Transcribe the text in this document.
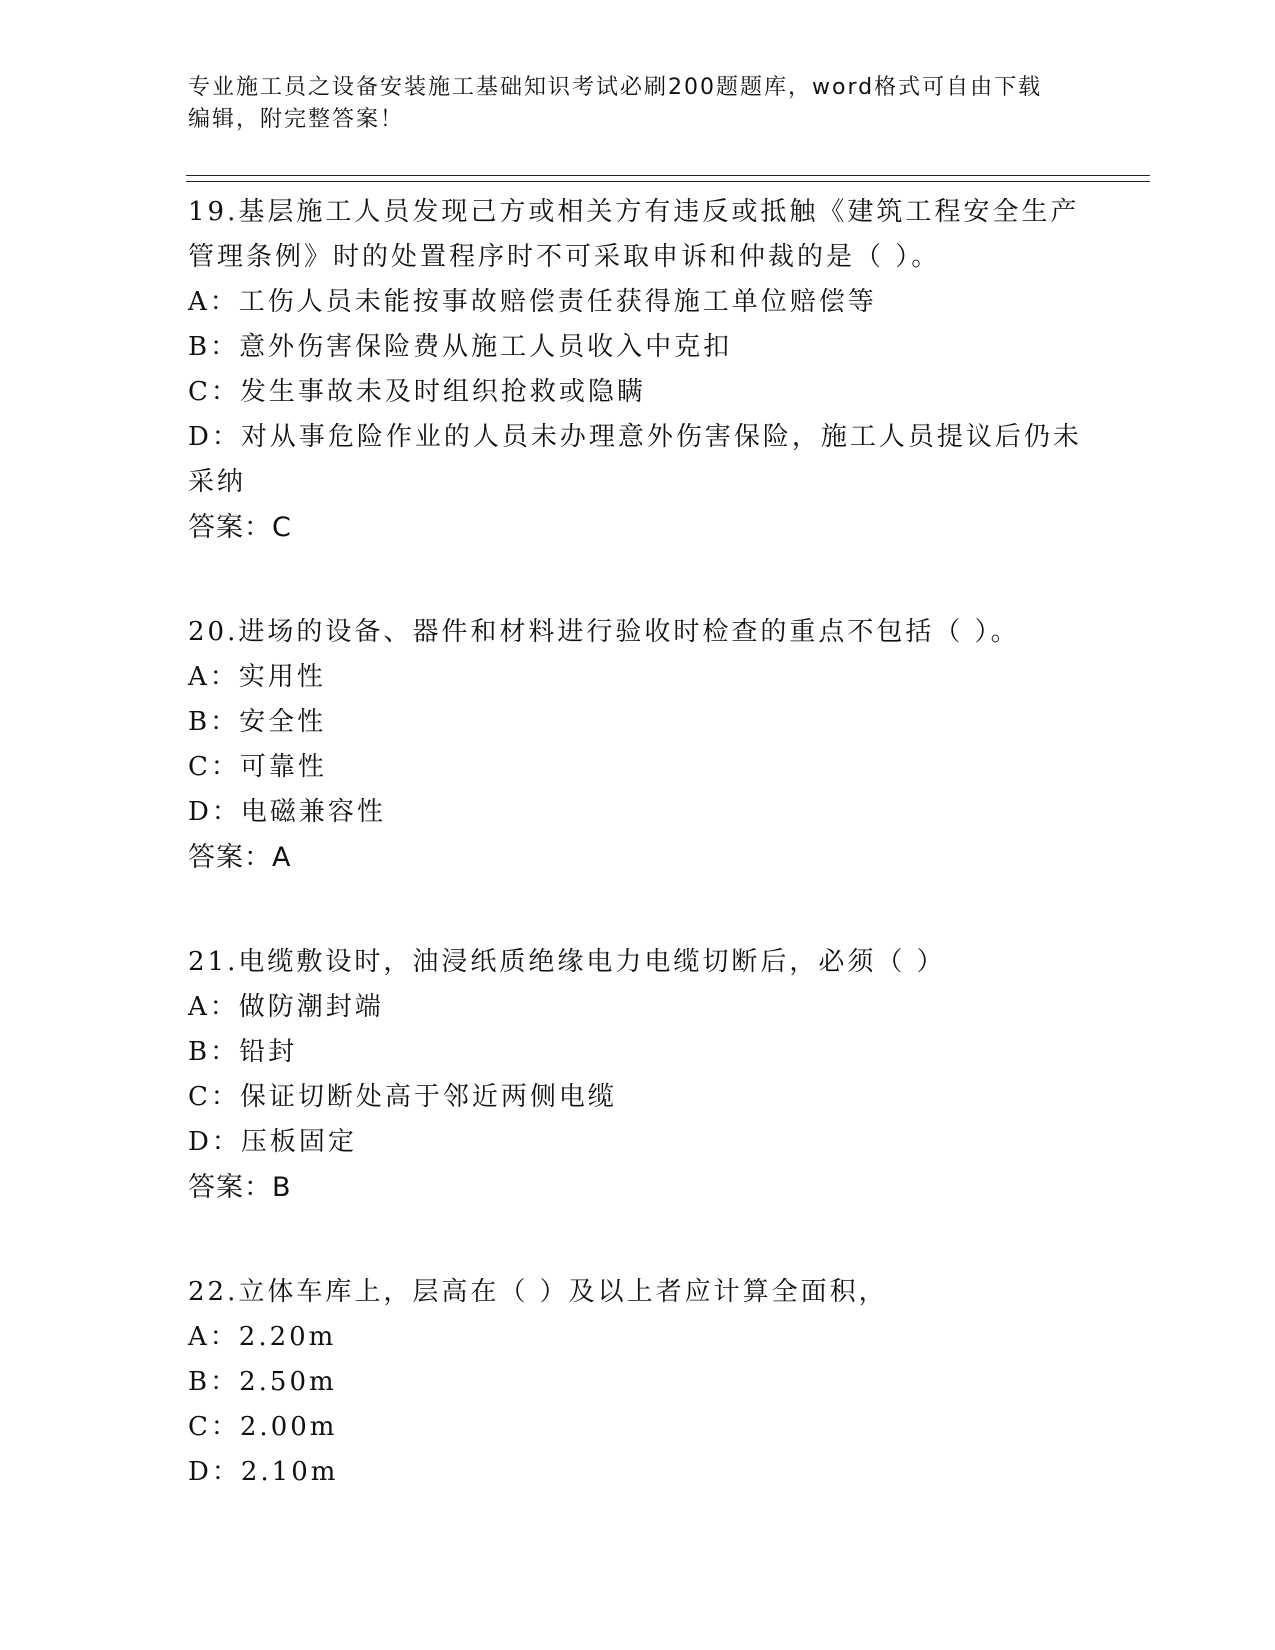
专业施工员之设备安装施工基础知识考试必刷200题题库，word格式可自由下载
编辑，附完整答案！

19.基层施工人员发现己方或相关方有违反或抵触《建筑工程安全生产

管理条例》时的处置程序时不可采取申诉和仲裁的是（ ）。

A：工伤人员未能按事故赔偿责任获得施工单位赔偿等

B：意外伤害保险费从施工人员收入中克扣

C：发生事故未及时组织抢救或隐瞒

D：对从事危险作业的人员未办理意外伤害保险，施工人员提议后仍未

采纳

答案：C

20.进场的设备、器件和材料进行验收时检查的重点不包括（ ）。

A：实用性

B：安全性

C：可靠性

D：电磁兼容性

答案：A

21.电缆敷设时，油浸纸质绝缘电力电缆切断后，必须（ ）

A：做防潮封端

B：铅封

C：保证切断处高于邻近两侧电缆

D：压板固定

答案：B

22.立体车库上，层高在（ ）及以上者应计算全面积，

A：2.20m

B：2.50m

C：2.00m

D：2.10m
